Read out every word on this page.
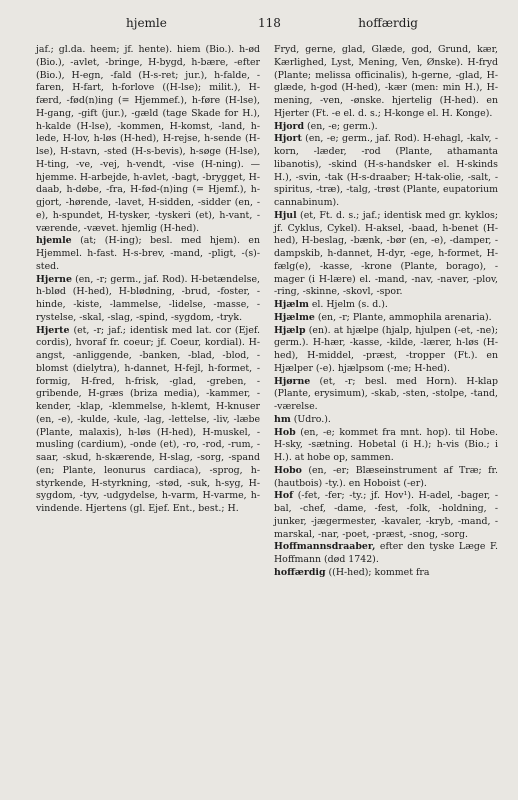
hjemle	118	hoffærdig

jaf.; gl.da. heem; jf. hente). hiem (Bio.). h-ød (Bio.), -avlet, -bringe, H-bygd, h-bære, -efter (Bio.), H-egn, -fald (H-s-ret; jur.), h-falde, -faren, H-fart, h-forlove ((H-lse); milit.), H-færd, -fød(n)ing (= Hjemmef.), h-føre (H-lse), H-gang, -gift (jur.), -gæld (tage Skade for H.), h-kalde (H-lse), -kommen, H-komst, -land, h-lede, H-lov, h-løs (H-hed), H-rejse, h-sende (H-lse), H-stavn, -sted (H-s-bevis), h-søge (H-lse), H-ting, -ve, -vej, h-vendt, -vise (H-ning). — hjemme. H-arbejde, h-avlet, -bagt, -brygget, H-daab, h-døbe, -fra, H-fød-(n)ing (= Hjemf.), h-gjort, -hørende, -lavet, H-sidden, -sidder (en, -e), h-spundet, H-tysker, -tyskeri (et), h-vant, -værende, -vævet. hjemlig (H-hed).

hjemle (at; (H-ing); besl. med hjem). en Hjemmel. h-fast. H-s-brev, -mand, -pligt, -(s)-sted.

Hjerne (en, -r; germ., jaf. Rod). H-betændelse, h-blød (H-hed), H-blødning, -brud, -foster, -hinde, -kiste, -lammelse, -lidelse, -masse, -rystelse, -skal, -slag, -spind, -sygdom, -tryk.

Hjerte (et, -r; jaf.; identisk med lat. cor (Ejef. cordis), hvoraf fr. coeur; jf. Coeur, kordial). H-angst, -anliggende, -banken, -blad, -blod, -blomst (dielytra), h-dannet, H-fejl, h-formet, -formig, H-fred, h-frisk, -glad, -greben, -gribende, H-græs (briza media), -kammer, -kender, -klap, -klemmelse, h-klemt, H-knuser (en, -e), -kulde, -kule, -lag, -lettelse, -liv, -læbe (Plante, malaxis), h-løs (H-hed), H-muskel, -musling (cardium), -onde (et), -ro, -rod, -rum, -saar, -skud, h-skærende, H-slag, -sorg, -spand (en; Plante, leonurus cardiaca), -sprog, h-styrkende, H-styrkning, -stød, -suk, h-syg, H-sygdom, -tyv, -udgydelse, h-varm, H-varme, h-vindende. Hjertens (gl. Ejef. Ent., best.; H.

Fryd, gerne, glad, Glæde, god, Grund, kær, Kærlighed, Lyst, Mening, Ven, Ønske). H-fryd (Plante; melissa officinalis), h-gerne, -glad, H-glæde, h-god (H-hed), -kær (men: min H.), H-mening, -ven, -ønske. hjertelig (H-hed). en Hjerter (Ft. -e el. d. s.; H-konge el. H. Konge).

Hjord (en, -e; germ.).

Hjort (en, -e; germ., jaf. Rod). H-ehagl, -kalv, -korn, -læder, -rod (Plante, athamanta libanotis), -skind (H-s-handsker el. H-skinds H.), -svin, -tak (H-s-draaber; H-tak-olie, -salt, -spiritus, -træ), -talg, -trøst (Plante, eupatorium cannabinum).

Hjul (et, Ft. d. s.; jaf.; identisk med gr. kyklos; jf. Cyklus, Cykel). H-aksel, -baad, h-benet (H-hed), H-beslag, -bænk, -bør (en, -e), -damper, -dampskib, h-dannet, H-dyr, -ege, h-formet, H-fælg(e), -kasse, -krone (Plante, borago), -mager (i H-lære) el. -mand, -nav, -naver, -plov, -ring, -skinne, -skovl, -spor.

Hjælm el. Hjelm (s. d.).

Hjælme (en, -r; Plante, ammophila arenaria).

Hjælp (en). at hjælpe (hjalp, hjulpen (-et, -ne); germ.). H-hær, -kasse, -kilde, -lærer, h-løs (H-hed), H-middel, -præst, -tropper (Ft.). en Hjælper (-e). hjælpsom (-me; H-hed).

Hjørne (et, -r; besl. med Horn). H-klap (Plante, erysimum), -skab, -sten, -stolpe, -tand, -værelse.

hm (Udro.).

Hob (en, -e; kommet fra mnt. hop). til Hobe. H-sky, -sætning. Hobetal (i H.); h-vis (Bio.; i H.). at hobe op, sammen.

Hobo (en, -er; Blæseinstrument af Træ; fr. (hautbois) -ty.). en Hoboist (-er).

Hof (-fet, -fer; -ty.; jf. Hov¹). H-adel, -bager, -bal, -chef, -dame, -fest, -folk, -holdning, -junker, -jægermester, -kavaler, -kryb, -mand, -marskal, -nar, -poet, -præst, -snog, -sorg.

Hoffmannsdraaber, efter den tyske Læge F. Hoffmann (død 1742).

hoffærdig ((H-hed); kommet fra
